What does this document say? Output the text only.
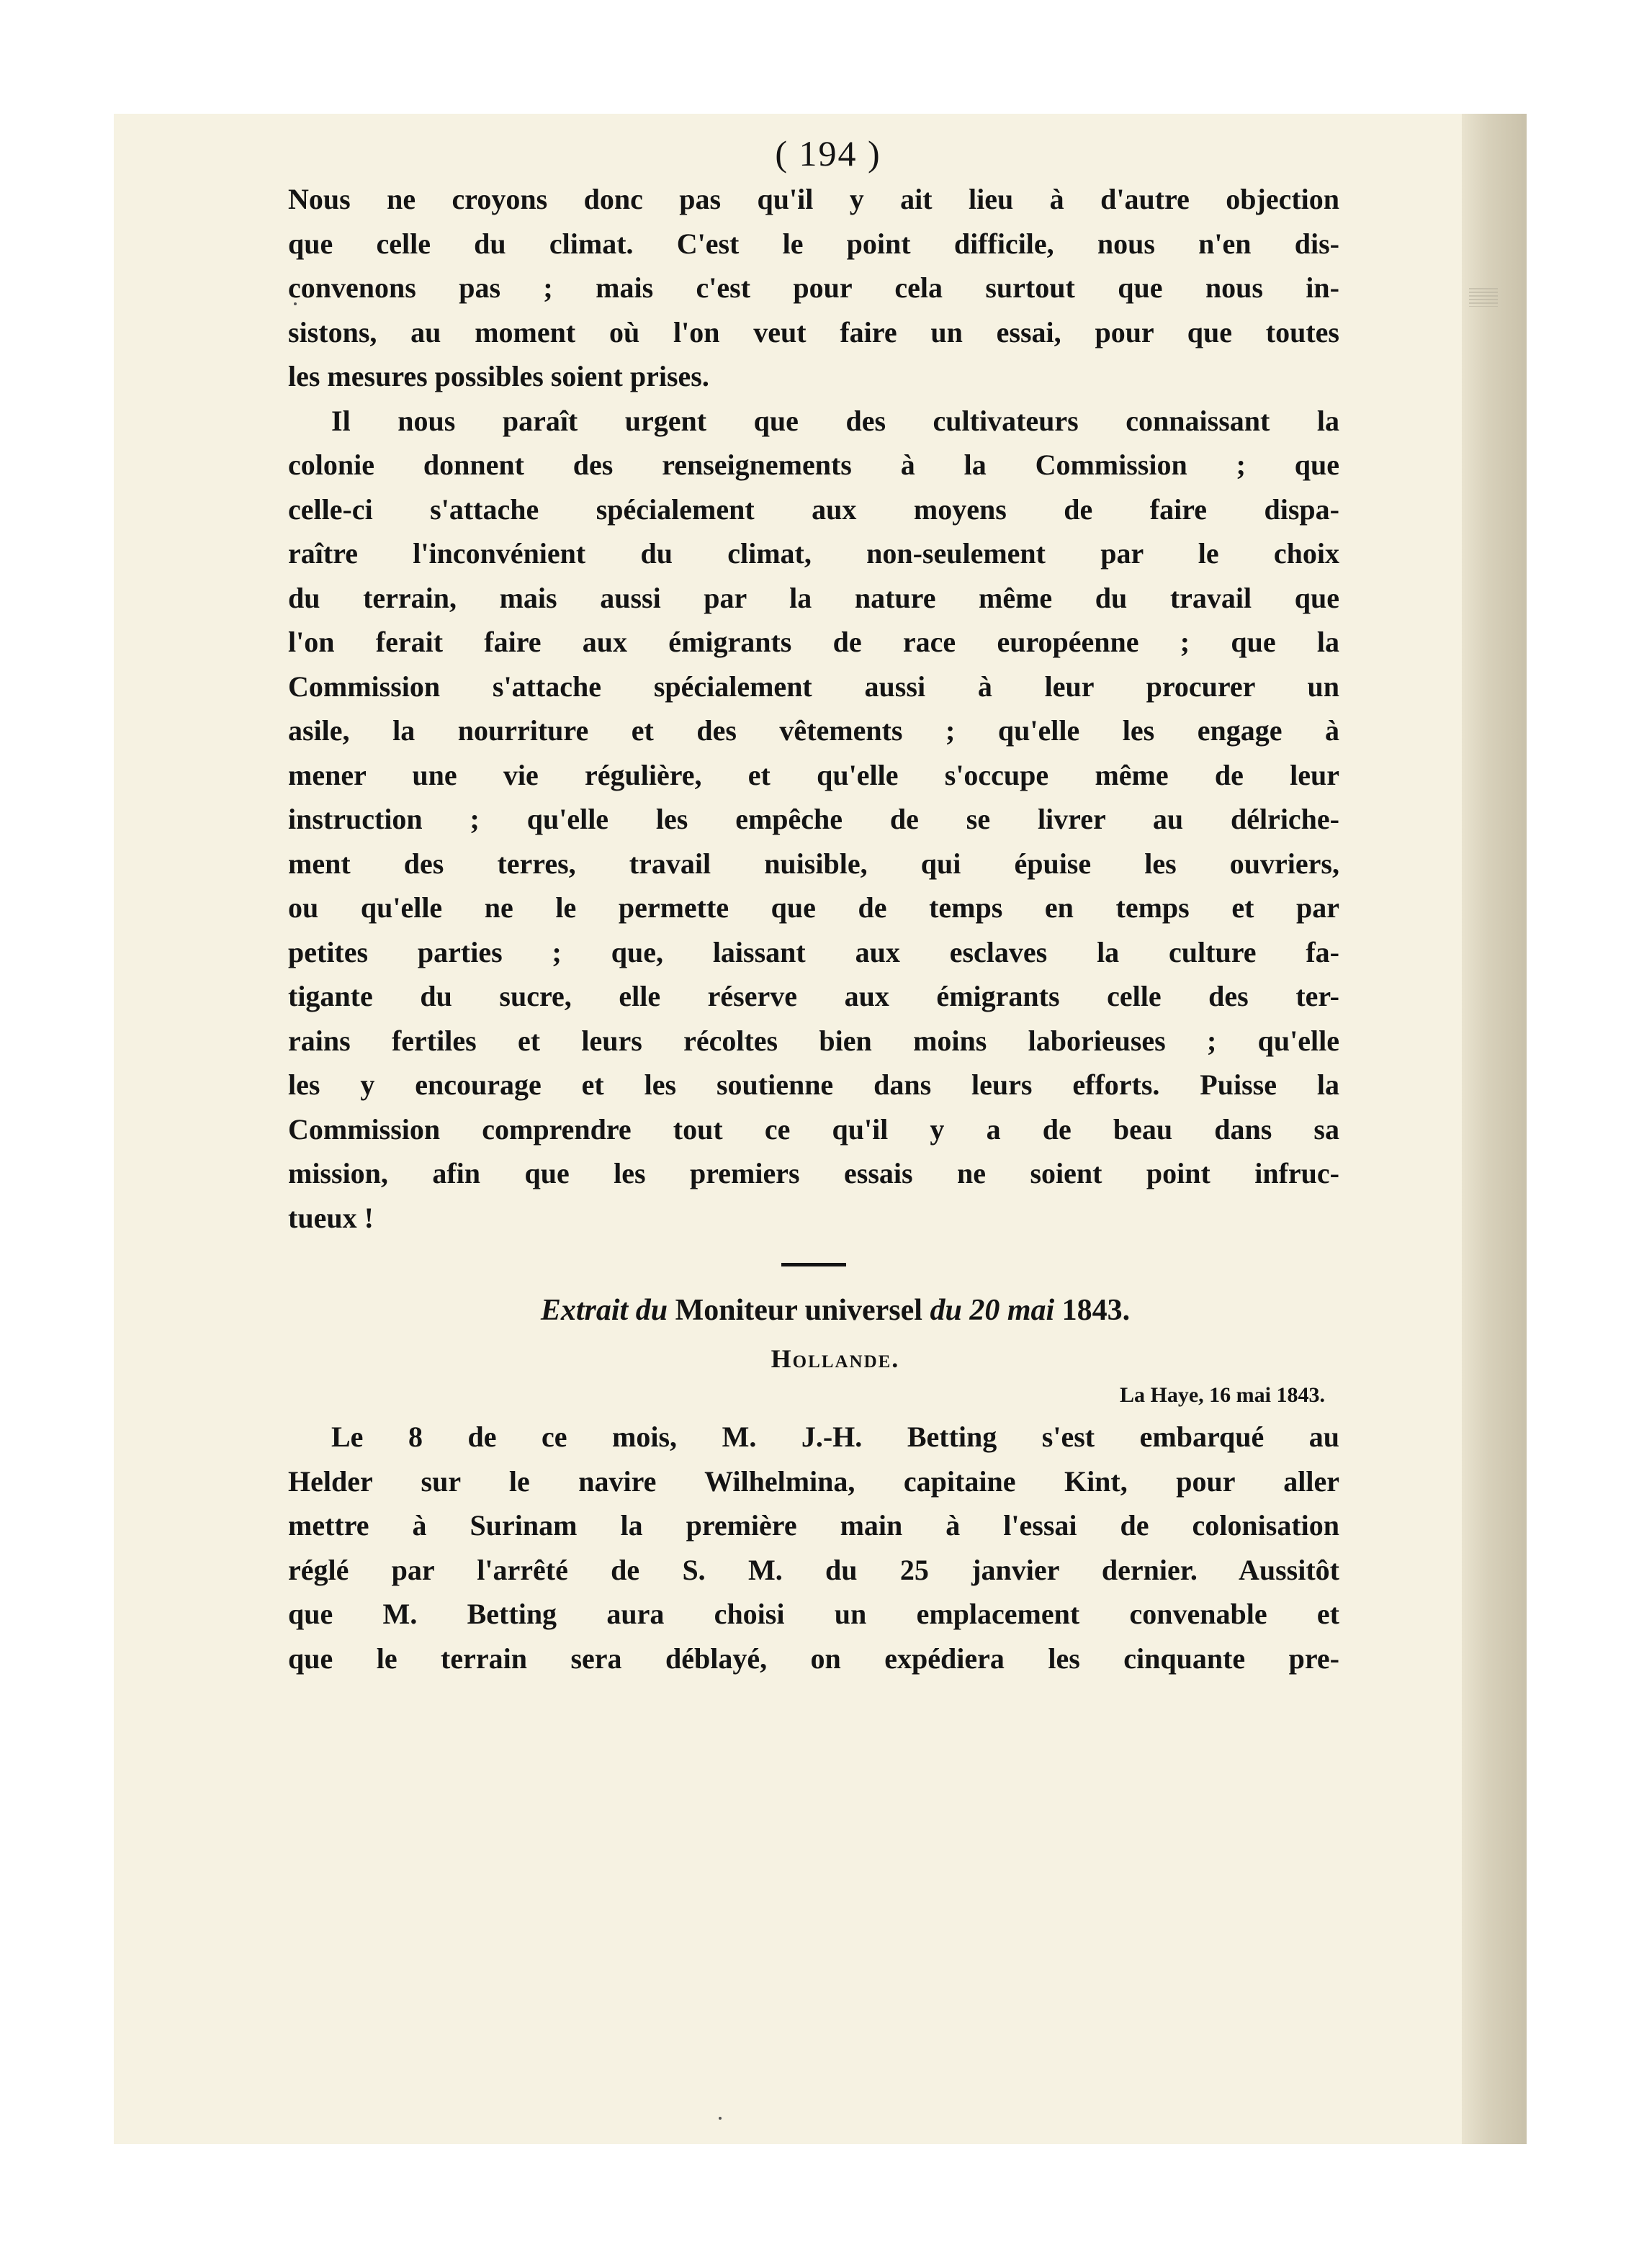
( 194 )
Nous ne croyons donc pas qu'il y ait lieu à d'autre objection
que celle du climat. C'est le point difficile, nous n'en dis-
convenons pas ; mais c'est pour cela surtout que nous in-
sistons, au moment où l'on veut faire un essai, pour que toutes
les mesures possibles soient prises.
Il nous paraît urgent que des cultivateurs connaissant la
colonie donnent des renseignements à la Commission ; que
celle-ci s'attache spécialement aux moyens de faire dispa-
raître l'inconvénient du climat, non-seulement par le choix
du terrain, mais aussi par la nature même du travail que
l'on ferait faire aux émigrants de race européenne ; que la
Commission s'attache spécialement aussi à leur procurer un
asile, la nourriture et des vêtements ; qu'elle les engage à
mener une vie régulière, et qu'elle s'occupe même de leur
instruction ; qu'elle les empêche de se livrer au délriche-
ment des terres, travail nuisible, qui épuise les ouvriers,
ou qu'elle ne le permette que de temps en temps et par
petites parties ; que, laissant aux esclaves la culture fa-
tigante du sucre, elle réserve aux émigrants celle des ter-
rains fertiles et leurs récoltes bien moins laborieuses ; qu'elle
les y encourage et les soutienne dans leurs efforts. Puisse la
Commission comprendre tout ce qu'il y a de beau dans sa
mission, afin que les premiers essais ne soient point infruc-
tueux !
Extrait du Moniteur universel du 20 mai 1843.
Hollande.
La Haye, 16 mai 1843.
Le 8 de ce mois, M. J.-H. Betting s'est embarqué au
Helder sur le navire Wilhelmina, capitaine Kint, pour aller
mettre à Surinam la première main à l'essai de colonisation
réglé par l'arrêté de S. M. du 25 janvier dernier. Aussitôt
que M. Betting aura choisi un emplacement convenable et
que le terrain sera déblayé, on expédiera les cinquante pre-
